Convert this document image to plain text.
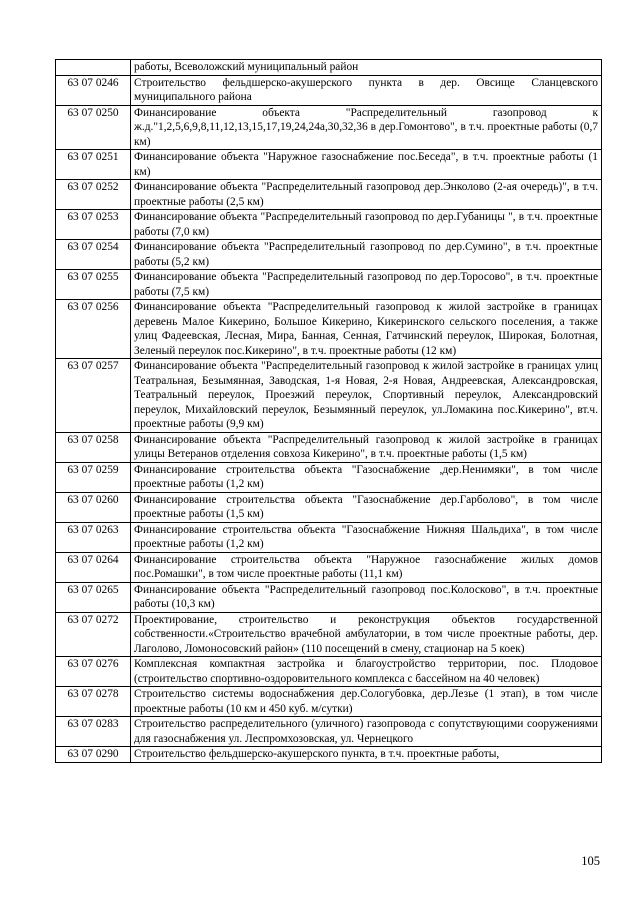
	работы, Всеволожский муниципальный район
63 07 0246	Строительство фельдшерско-акушерского пункта в дер. Овсище Сланцевского муниципального района
63 07 0250	Финансирование объекта "Распределительный газопровод к ж.д."1,2,5,6,9,8,11,12,13,15,17,19,24,24а,30,32,36 в дер.Гомонтово", в т.ч. проектные работы (0,7 км)
63 07 0251	Финансирование объекта "Наружное газоснабжение пос.Беседа", в т.ч. проектные работы (1 км)
63 07 0252	Финансирование объекта "Распределительный газопровод дер.Энколово (2-ая очередь)", в т.ч. проектные работы (2,5 км)
63 07 0253	Финансирование объекта "Распределительный газопровод по дер.Губаницы ", в т.ч. проектные работы (7,0 км)
63 07 0254	Финансирование объекта "Распределительный газопровод по дер.Сумино", в т.ч. проектные работы (5,2 км)
63 07 0255	Финансирование объекта "Распределительный газопровод по дер.Торосово", в т.ч. проектные работы (7,5 км)
63 07 0256	Финансирование объекта "Распределительный газопровод к жилой застройке в границах деревень Малое Кикерино, Большое Кикерино, Кикеринского сельского поселения, а также улиц Фадеевская, Лесная, Мира, Банная, Сенная, Гатчинский переулок, Широкая, Болотная, Зеленый переулок пос.Кикерино", в т.ч. проектные работы (12 км)
63 07 0257	Финансирование объекта "Распределительный газопровод к жилой застройке в границах улиц Театральная, Безымянная, Заводская, 1-я Новая, 2-я Новая, Андреевская, Александровская, Театральный переулок, Проезжий переулок, Спортивный переулок, Александровский переулок, Михайловский переулок, Безымянный переулок, ул.Ломакина пос.Кикерино", вт.ч. проектные работы (9,9 км)
63 07 0258	Финансирование объекта "Распределительный газопровод к жилой застройке в границах улицы Ветеранов отделения совхоза Кикерино", в т.ч. проектные работы (1,5 км)
63 07 0259	Финансирование строительства объекта "Газоснабжение ,дер.Ненимяки", в том числе проектные работы (1,2 км)
63 07 0260	Финансирование строительства объекта "Газоснабжение дер.Гарболово", в том числе проектные работы (1,5 км)
63 07 0263	Финансирование строительства объекта "Газоснабжение Нижняя Шальдиха", в том числе проектные работы (1,2 км)
63 07 0264	Финансирование строительства объекта "Наружное газоснабжение жилых домов пос.Ромашки", в том числе проектные работы (11,1 км)
63 07 0265	Финансирование объекта "Распределительный газопровод пос.Колосково", в т.ч. проектные работы (10,3 км)
63 07 0272	Проектирование, строительство и реконструкция объектов государственной собственности.«Строительство врачебной амбулатории, в том числе проектные работы, дер. Лаголово, Ломоносовский район» (110 посещений в смену, стационар на 5 коек)
63 07 0276	Комплексная компактная застройка и благоустройство территории, пос. Плодовое (строительство спортивно-оздоровительного комплекса с бассейном на 40 человек)
63 07 0278	Строительство системы водоснабжения дер.Сологубовка, дер.Лезье (1 этап), в том числе проектные работы (10 км и 450 куб. м/сутки)
63 07 0283	Строительство распределительного (уличного) газопровода с сопутствующими сооружениями для газоснабжения ул. Леспромхозовская, ул. Чернецкого
63 07 0290	Строительство фельдшерско-акушерского пункта, в т.ч. проектные работы,
105
